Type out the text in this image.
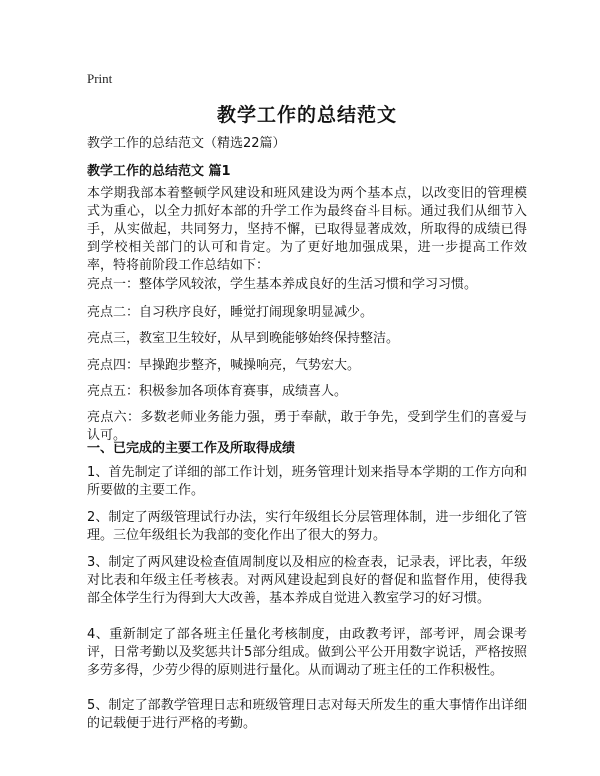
Print
教学工作的总结范文

教学工作的总结范文（精选22篇）

教学工作的总结范文 篇1

本学期我部本着整顿学风建设和班风建设为两个基本点，以改变旧的管理模式为重心，以全力抓好本部的升学工作为最终奋斗目标。通过我们从细节入手，从实做起，共同努力，坚持不懈，已取得显著成效，所取得的成绩已得到学校相关部门的认可和肯定。为了更好地加强成果，进一步提高工作效率，特将前阶段工作总结如下：

亮点一：整体学风较浓，学生基本养成良好的生活习惯和学习习惯。

亮点二：自习秩序良好，睡觉打闹现象明显减少。

亮点三，教室卫生较好，从早到晚能够始终保持整洁。

亮点四：早操跑步整齐，喊操响亮，气势宏大。

亮点五：积极参加各项体育赛事，成绩喜人。

亮点六：多数老师业务能力强，勇于奉献，敢于争先，受到学生们的喜爱与认可。

一、已完成的主要工作及所取得成绩

1、首先制定了详细的部工作计划，班务管理计划来指导本学期的工作方向和所要做的主要工作。

2、制定了两级管理试行办法，实行年级组长分层管理体制，进一步细化了管理。三位年级组长为我部的变化作出了很大的努力。

3、制定了两风建设检查值周制度以及相应的检查表，记录表，评比表，年级对比表和年级主任考核表。对两风建设起到良好的督促和监督作用，使得我部全体学生行为得到大大改善，基本养成自觉进入教室学习的好习惯。

4、重新制定了部各班主任量化考核制度，由政教考评，部考评，周会课考评，日常考勤以及奖惩共计5部分组成。做到公平公开用数字说话，严格按照多劳多得，少劳少得的原则进行量化。从而调动了班主任的工作积极性。

5、制定了部教学管理日志和班级管理日志对每天所发生的重大事情作出详细的记载便于进行严格的考勤。
